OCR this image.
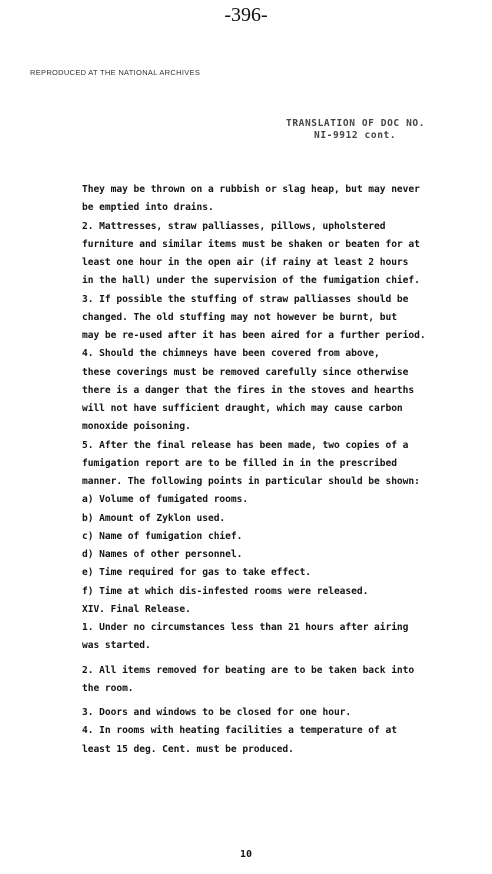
-396-
REPRODUCED AT THE NATIONAL ARCHIVES
TRANSLATION OF DOC NO.
NI-9912 cont.
They may be thrown on a rubbish or slag heap, but may never
be emptied into drains.
2. Mattresses, straw palliasses, pillows, upholstered
furniture and similar items must be shaken or beaten for at
least one hour in the open air (if rainy at least 2 hours
in the hall) under the supervision of the fumigation chief.
3. If possible the stuffing of straw palliasses should be
changed. The old stuffing may not however be burnt, but
may be re-used after it has been aired for a further period.
4. Should the chimneys have been covered from above,
these coverings must be removed carefully since otherwise
there is a danger that the fires in the stoves and hearths
will not have sufficient draught, which may cause carbon
monoxide poisoning.
5. After the final release has been made, two copies of a
fumigation report are to be filled in in the prescribed
manner. The following points in particular should be shown:
a) Volume of fumigated rooms.
b) Amount of Zyklon used.
c) Name of fumigation chief.
d) Names of other personnel.
e) Time required for gas to take effect.
f) Time at which dis-infested rooms were released.
XIV. Final Release.
1. Under no circumstances less than 21 hours after airing
was started.
2. All items removed for beating are to be taken back into
the room.
3. Doors and windows to be closed for one hour.
4. In rooms with heating facilities a temperature of at
least 15 deg. Cent. must be produced.
10
